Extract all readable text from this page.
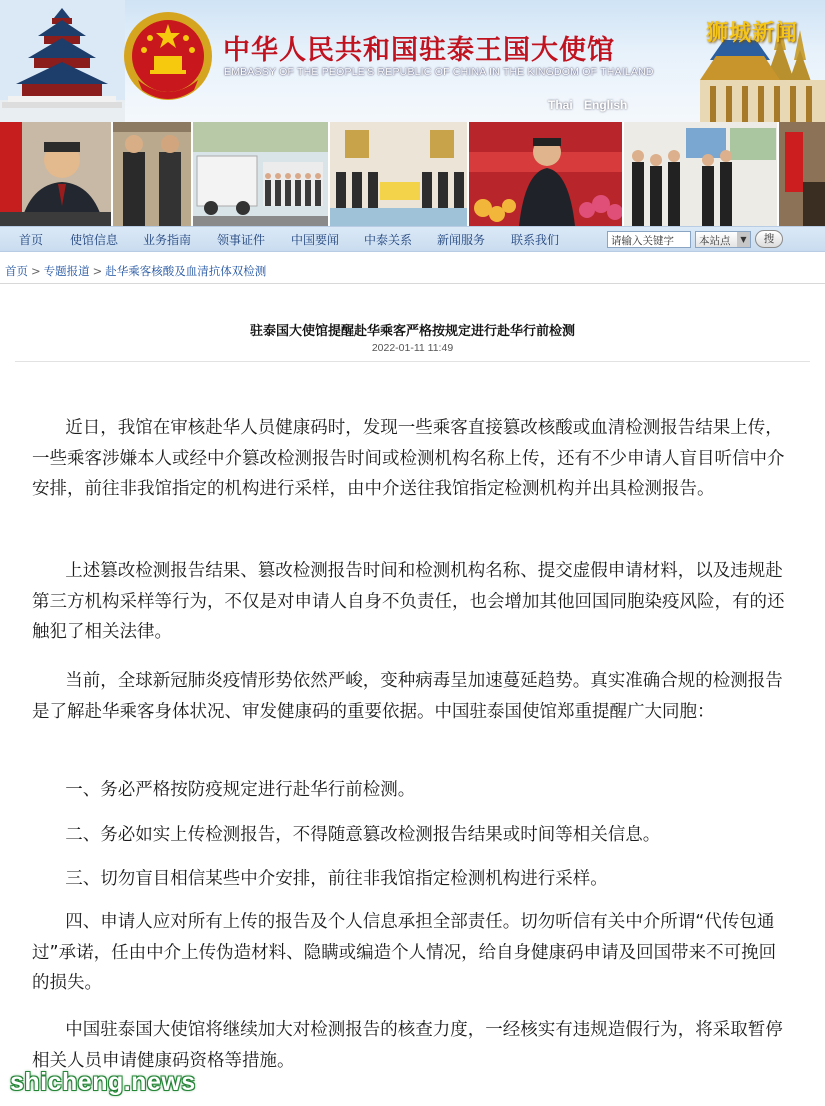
中华人民共和国驻泰王国大使馆
EMBASSY OF THE PEOPLE'S REPUBLIC OF CHINA IN THE KINGDOM OF THAILAND
狮城新闻
Thai English
首页 使馆信息 业务指南 领事证件 中国要闻 中泰关系 新闻服务 联系我们	请输入关键字	本站点	▼	搜
首页 > 专题报道 > 赴华乘客核酸及血清抗体双检测
驻泰国大使馆提醒赴华乘客严格按规定进行赴华行前检测
2022-01-11 11:49

近日，我馆在审核赴华人员健康码时，发现一些乘客直接篡改核酸或血清检测报告结果上传，一些乘客涉嫌本人或经中介篡改检测报告时间或检测机构名称上传，还有不少申请人盲目听信中介安排，前往非我馆指定的机构进行采样，由中介送往我馆指定检测机构并出具检测报告。

上述篡改检测报告结果、篡改检测报告时间和检测机构名称、提交虚假申请材料，以及违规赴第三方机构采样等行为，不仅是对申请人自身不负责任，也会增加其他回国同胞染疫风险，有的还触犯了相关法律。

当前，全球新冠肺炎疫情形势依然严峻，变种病毒呈加速蔓延趋势。真实准确合规的检测报告是了解赴华乘客身体状况、审发健康码的重要依据。中国驻泰国使馆郑重提醒广大同胞：

一、务必严格按防疫规定进行赴华行前检测。

二、务必如实上传检测报告，不得随意篡改检测报告结果或时间等相关信息。

三、切勿盲目相信某些中介安排，前往非我馆指定检测机构进行采样。

四、申请人应对所有上传的报告及个人信息承担全部责任。切勿听信有关中介所谓“代传包通过”承诺，任由中介上传伪造材料、隐瞒或编造个人情况，给自身健康码申请及回国带来不可挽回的损失。

中国驻泰国大使馆将继续加大对检测报告的核查力度，一经核实有违规造假行为，将采取暂停相关人员申请健康码资格等措施。

shicheng.news
